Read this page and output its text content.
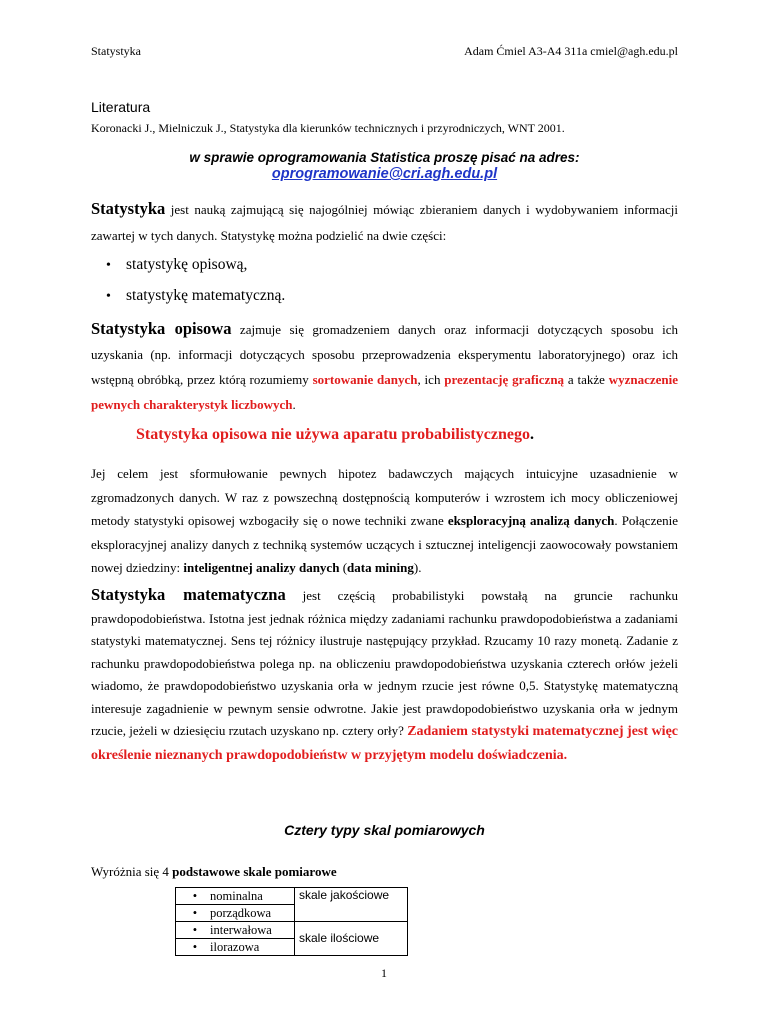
Statystyka	Adam Ćmiel A3-A4 311a cmiel@agh.edu.pl
Literatura
Koronacki J., Mielniczuk J., Statystyka dla kierunków technicznych i przyrodniczych, WNT 2001.
w sprawie oprogramowania Statistica proszę pisać na adres:
oprogramowanie@cri.agh.edu.pl
Statystyka jest nauką zajmującą się najogólniej mówiąc zbieraniem danych i wydobywaniem informacji zawartej w tych danych. Statystykę można podzielić na dwie części:
• statystykę opisową,
• statystykę matematyczną.
Statystyka opisowa zajmuje się gromadzeniem danych oraz informacji dotyczących sposobu ich uzyskania (np. informacji dotyczących sposobu przeprowadzenia eksperymentu laboratoryjnego) oraz ich wstępną obróbką, przez którą rozumiemy sortowanie danych, ich prezentację graficzną a także wyznaczenie pewnych charakterystyk liczbowych.
Statystyka opisowa nie używa aparatu probabilistycznego.
Jej celem jest sformułowanie pewnych hipotez badawczych mających intuicyjne uzasadnienie w zgromadzonych danych. W raz z powszechną dostępnością komputerów i wzrostem ich mocy obliczeniowej metody statystyki opisowej wzbogaciły się o nowe techniki zwane eksploracyjną analizą danych. Połączenie eksploracyjnej analizy danych z techniką systemów uczących i sztucznej inteligencji zaowocowały powstaniem nowej dziedziny: inteligentnej analizy danych (data mining).
Statystyka matematyczna jest częścią probabilistyki powstałą na gruncie rachunku prawdopodobieństwa. Istotna jest jednak różnica między zadaniami rachunku prawdopodobieństwa a zadaniami statystyki matematycznej. Sens tej różnicy ilustruje następujący przykład. Rzucamy 10 razy monetą. Zadanie z rachunku prawdopodobieństwa polega np. na obliczeniu prawdopodobieństwa uzyskania czterech orłów jeżeli wiadomo, że prawdopodobieństwo uzyskania orła w jednym rzucie jest równe 0,5. Statystykę matematyczną interesuje zagadnienie w pewnym sensie odwrotne. Jakie jest prawdopodobieństwo uzyskania orła w jednym rzucie, jeżeli w dziesięciu rzutach uzyskano np. cztery orły? Zadaniem statystyki matematycznej jest więc określenie nieznanych prawdopodobieństw w przyjętym modelu doświadczenia.
Cztery typy skal pomiarowych
Wyróżnia się 4 podstawowe skale pomiarowe
• nominalna	skale jakościowe
• porządkowa
• interwałowa	skale ilościowe
• ilorazowa
1
